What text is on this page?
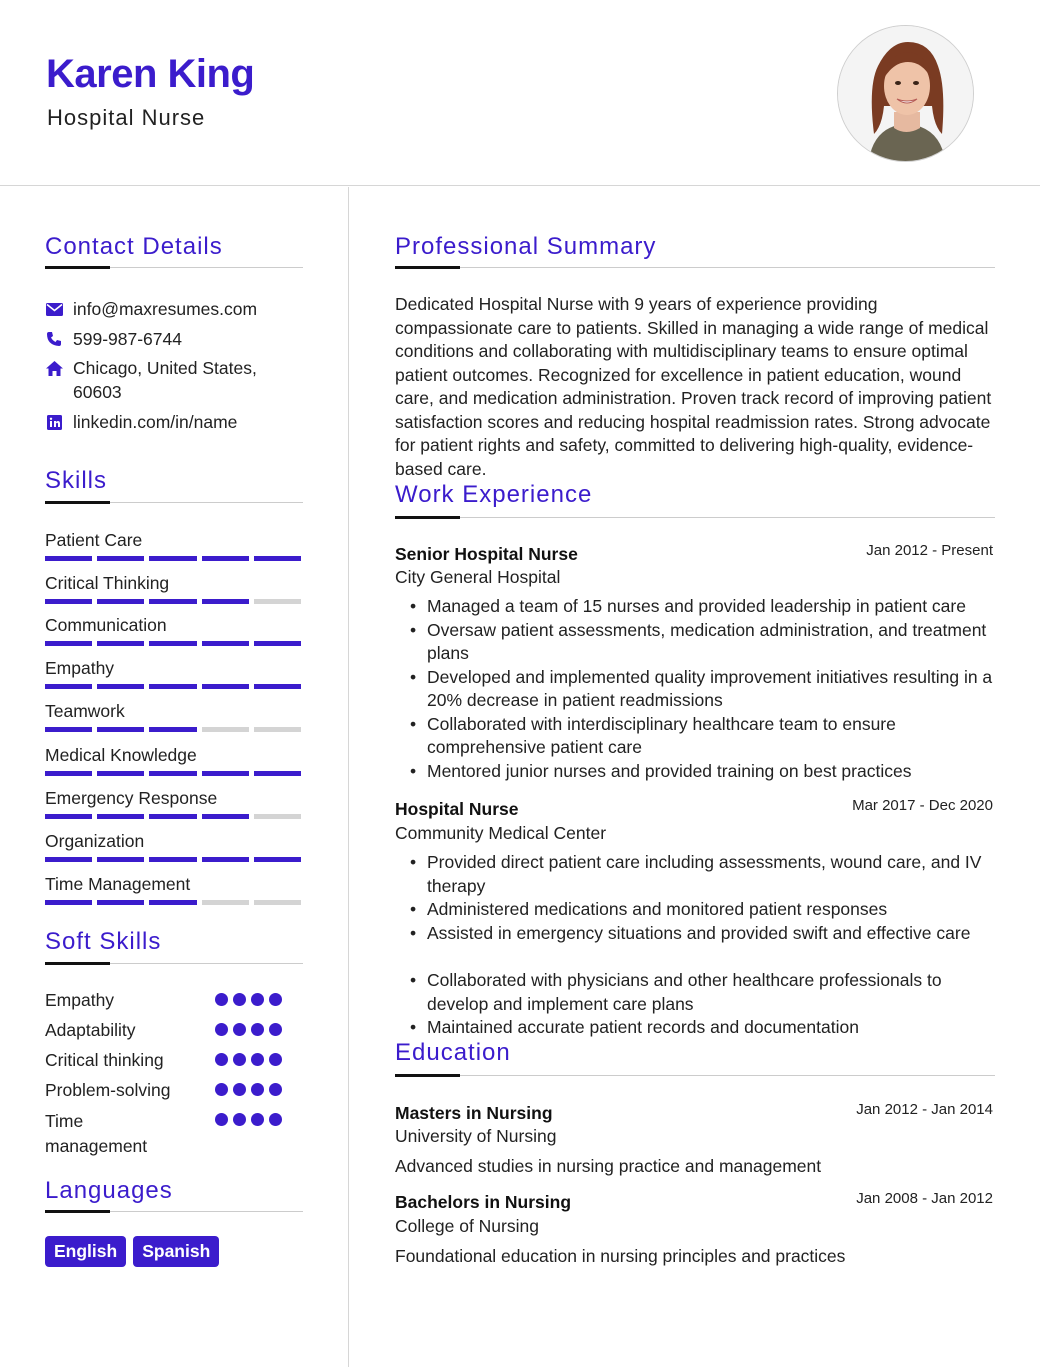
Karen King
Hospital Nurse
Contact Details
info@maxresumes.com
599-987-6744
Chicago, United States, 60603
linkedin.com/in/name
Skills
Patient Care
Critical Thinking
Communication
Empathy
Teamwork
Medical Knowledge
Emergency Response
Organization
Time Management
Soft Skills
Empathy
Adaptability
Critical thinking
Problem-solving
Time management
Languages
English	Spanish
Professional Summary
Dedicated Hospital Nurse with 9 years of experience providing compassionate care to patients. Skilled in managing a wide range of medical conditions and collaborating with multidisciplinary teams to ensure optimal patient outcomes. Recognized for excellence in patient education, wound care, and medication administration. Proven track record of improving patient satisfaction scores and reducing hospital readmission rates. Strong advocate for patient rights and safety, committed to delivering high-quality, evidence-based care.
Work Experience
Senior Hospital Nurse	Jan 2012 - Present
City General Hospital
• Managed a team of 15 nurses and provided leadership in patient care
• Oversaw patient assessments, medication administration, and treatment plans
• Developed and implemented quality improvement initiatives resulting in a 20% decrease in patient readmissions
• Collaborated with interdisciplinary healthcare team to ensure comprehensive patient care
• Mentored junior nurses and provided training on best practices
Hospital Nurse	Mar 2017 - Dec 2020
Community Medical Center
• Provided direct patient care including assessments, wound care, and IV therapy
• Administered medications and monitored patient responses
• Assisted in emergency situations and provided swift and effective care
• Collaborated with physicians and other healthcare professionals to develop and implement care plans
• Maintained accurate patient records and documentation
Education
Masters in Nursing	Jan 2012 - Jan 2014
University of Nursing
Advanced studies in nursing practice and management
Bachelors in Nursing	Jan 2008 - Jan 2012
College of Nursing
Foundational education in nursing principles and practices
